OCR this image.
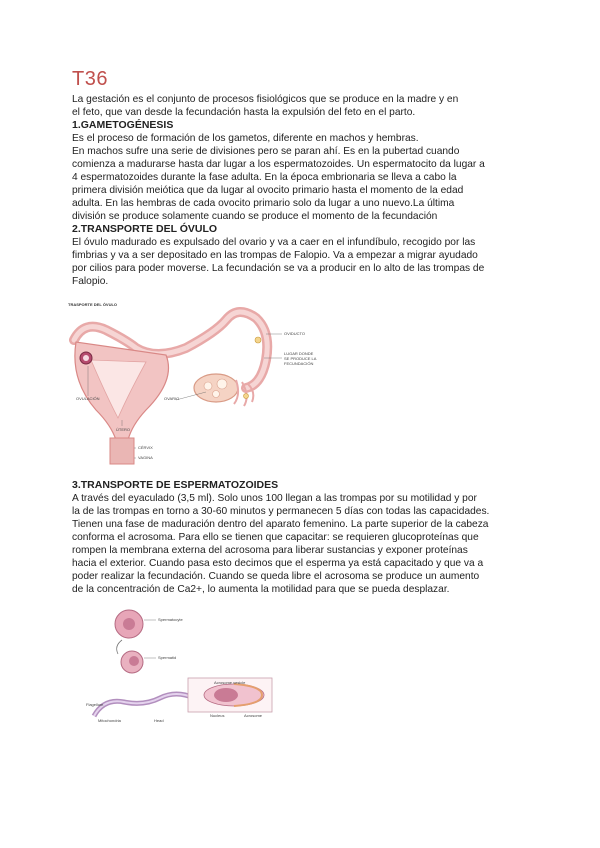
T36
La gestación es el conjunto de procesos fisiológicos que se produce en la madre y en
el feto, que van desde la fecundación hasta la expulsión del feto en el parto.
1.GAMETOGÉNESIS
Es el proceso de formación de los gametos, diferente en machos y hembras.
En machos sufre una serie de divisiones pero se paran ahí. Es en la pubertad cuando
comienza a madurarse hasta dar lugar a los espermatozoides. Un espermatocito da lugar a
4 espermatozoides durante la fase adulta. En la época embrionaria se lleva a cabo la
primera división meiótica que da lugar al ovocito primario hasta el momento de la edad
adulta. En las hembras de cada ovocito primario solo da lugar a uno nuevo.La última
división se produce solamente cuando se produce el momento de la fecundación
2.TRANSPORTE DEL ÓVULO
El óvulo madurado es expulsado del ovario y va a caer en el infundíbulo, recogido por las
fimbrias y va a ser depositado en las trompas de Falopio. Va a empezar a migrar ayudado
por cilios para poder moverse. La fecundación se va a producir en lo alto de las trompas de
Falopio.
TRASPORTE DEL ÓVULO
OVIDUCTO
LUGAR DONDE
SE PRODUCE LA
FECUNDACIÓN
OVULACIÓN	OVARIO
ÚTERO
CÉRVIX
VAGINA
3.TRANSPORTE DE ESPERMATOZOIDES
A través del eyaculado (3,5 ml). Solo unos 100 llegan a las trompas por su motilidad y por
la de las trompas en torno a 30-60 minutos y permanecen 5 días con todas las capacidades.
Tienen una fase de maduración dentro del aparato femenino. La parte superior de la cabeza
conforma el acrosoma. Para ello se tienen que capacitar: se requieren glucoproteínas que
rompen la membrana externa del acrosoma para liberar sustancias y exponer proteínas
hacia el exterior. Cuando pasa esto decimos que el esperma ya está capacitado y que va a
poder realizar la fecundación. Cuando se queda libre el acrosoma se produce un aumento
de la concentración de Ca2+, lo aumenta la motilidad para que se pueda desplazar.
Spermatocyte
Spermatid
Acrosome vesicle
Nucleus	Acrosome
Flagellum
Mitochondria	Head
